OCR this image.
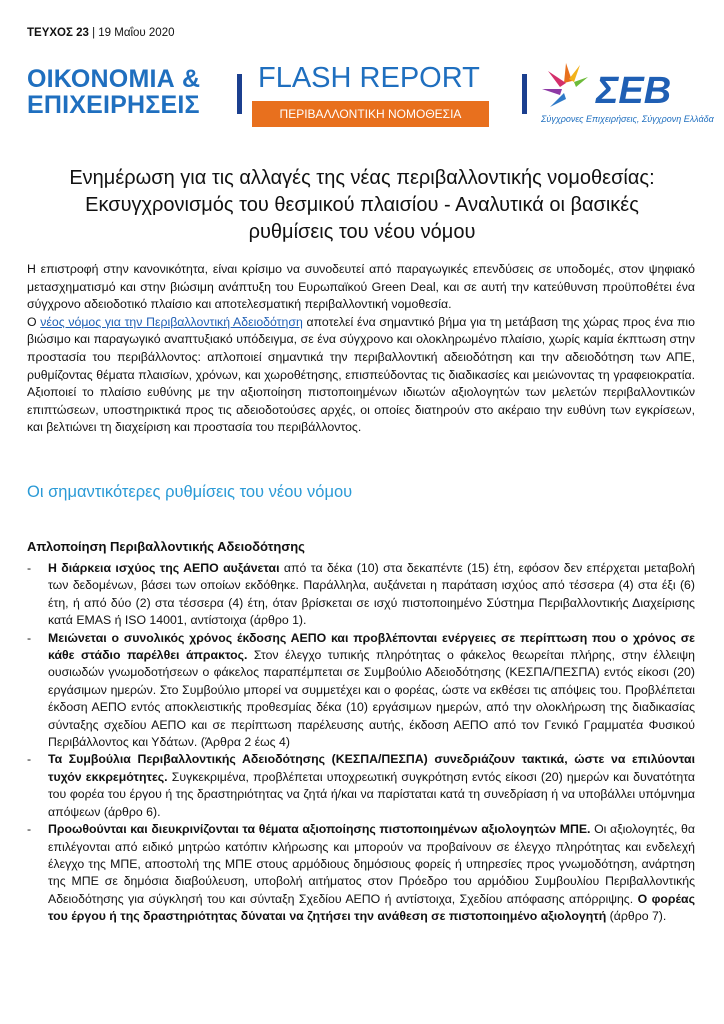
ΤΕΥΧΟΣ 23 | 19 Μαΐου 2020
ΟΙΚΟΝΟΜΙΑ &
ΕΠΙΧΕΙΡΗΣΕΙΣ
FLASH REPORT
ΠΕΡΙΒΑΛΛΟΝΤΙΚΗ ΝΟΜΟΘΕΣΙΑ
ΣΕΒ
Σύγχρονες Επιχειρήσεις, Σύγχρονη Ελλάδα
Ενημέρωση για τις αλλαγές της νέας περιβαλλοντικής νομοθεσίας: Εκσυγχρονισμός του θεσμικού πλαισίου - Αναλυτικά οι βασικές ρυθμίσεις του νέου νόμου
Η επιστροφή στην κανονικότητα, είναι κρίσιμο να συνοδευτεί από παραγωγικές επενδύσεις σε υποδομές, στον ψηφιακό μετασχηματισμό και στην βιώσιμη ανάπτυξη του Ευρωπαϊκού Green Deal, και σε αυτή την κατεύθυνση προϋποθέτει ένα σύγχρονο αδειοδοτικό πλαίσιο και αποτελεσματική περιβαλλοντική νομοθεσία.
Ο νέος νόμος για την Περιβαλλοντική Αδειοδότηση αποτελεί ένα σημαντικό βήμα για τη μετάβαση της χώρας προς ένα πιο βιώσιμο και παραγωγικό αναπτυξιακό υπόδειγμα, σε ένα σύγχρονο και ολοκληρωμένο πλαίσιο, χωρίς καμία έκπτωση στην προστασία του περιβάλλοντος: απλοποιεί σημαντικά την περιβαλλοντική αδειοδότηση και την αδειοδότηση των ΑΠΕ, ρυθμίζοντας θέματα πλαισίων, χρόνων, και χωροθέτησης, επισπεύδοντας τις διαδικασίες και μειώνοντας τη γραφειοκρατία. Αξιοποιεί το πλαίσιο ευθύνης με την αξιοποίηση πιστοποιημένων ιδιωτών αξιολογητών των μελετών περιβαλλοντικών επιπτώσεων, υποστηρικτικά προς τις αδειοδοτούσες αρχές, οι οποίες διατηρούν στο ακέραιο την ευθύνη των εγκρίσεων, και βελτιώνει τη διαχείριση και προστασία του περιβάλλοντος.
Οι σημαντικότερες ρυθμίσεις του νέου νόμου
Απλοποίηση Περιβαλλοντικής Αδειοδότησης
- Η διάρκεια ισχύος της ΑΕΠΟ αυξάνεται από τα δέκα (10) στα δεκαπέντε (15) έτη, εφόσον δεν επέρχεται μεταβολή των δεδομένων, βάσει των οποίων εκδόθηκε. Παράλληλα, αυξάνεται η παράταση ισχύος από τέσσερα (4) στα έξι (6) έτη, ή από δύο (2) στα τέσσερα (4) έτη, όταν βρίσκεται σε ισχύ πιστοποιημένο Σύστημα Περιβαλλοντικής Διαχείρισης κατά EMAS ή ISO 14001, αντίστοιχα (άρθρο 1).
- Μειώνεται ο συνολικός χρόνος έκδοσης ΑΕΠΟ και προβλέπονται ενέργειες σε περίπτωση που ο χρόνος σε κάθε στάδιο παρέλθει άπρακτος. Στον έλεγχο τυπικής πληρότητας ο φάκελος θεωρείται πλήρης, στην έλλειψη ουσιωδών γνωμοδοτήσεων ο φάκελος παραπέμπεται σε Συμβούλιο Αδειοδότησης (ΚΕΣΠΑ/ΠΕΣΠΑ) εντός είκοσι (20) εργάσιμων ημερών. Στο Συμβούλιο μπορεί να συμμετέχει και ο φορέας, ώστε να εκθέσει τις απόψεις του. Προβλέπεται έκδοση ΑΕΠΟ εντός αποκλειστικής προθεσμίας δέκα (10) εργάσιμων ημερών, από την ολοκλήρωση της διαδικασίας σύνταξης σχεδίου ΑΕΠΟ και σε περίπτωση παρέλευσης αυτής, έκδοση ΑΕΠΟ από τον Γενικό Γραμματέα Φυσικού Περιβάλλοντος και Υδάτων. (Άρθρα 2 έως 4)
- Τα Συμβούλια Περιβαλλοντικής Αδειοδότησης (ΚΕΣΠΑ/ΠΕΣΠΑ) συνεδριάζουν τακτικά, ώστε να επιλύονται τυχόν εκκρεμότητες. Συγκεκριμένα, προβλέπεται υποχρεωτική συγκρότηση εντός είκοσι (20) ημερών και δυνατότητα του φορέα του έργου ή της δραστηριότητας να ζητά ή/και να παρίσταται κατά τη συνεδρίαση ή να υποβάλλει υπόμνημα απόψεων (άρθρο 6).
- Προωθούνται και διευκρινίζονται τα θέματα αξιοποίησης πιστοποιημένων αξιολογητών ΜΠΕ. Οι αξιολογητές, θα επιλέγονται από ειδικό μητρώο κατόπιν κλήρωσης και μπορούν να προβαίνουν σε έλεγχο πληρότητας και ενδελεχή έλεγχο της ΜΠΕ, αποστολή της ΜΠΕ στους αρμόδιους δημόσιους φορείς ή υπηρεσίες προς γνωμοδότηση, ανάρτηση της ΜΠΕ σε δημόσια διαβούλευση, υποβολή αιτήματος στον Πρόεδρο του αρμόδιου Συμβουλίου Περιβαλλοντικής Αδειοδότησης για σύγκλησή του και σύνταξη Σχεδίου ΑΕΠΟ ή αντίστοιχα, Σχεδίου απόφασης απόρριψης. Ο φορέας του έργου ή της δραστηριότητας δύναται να ζητήσει την ανάθεση σε πιστοποιημένο αξιολογητή (άρθρο 7).
